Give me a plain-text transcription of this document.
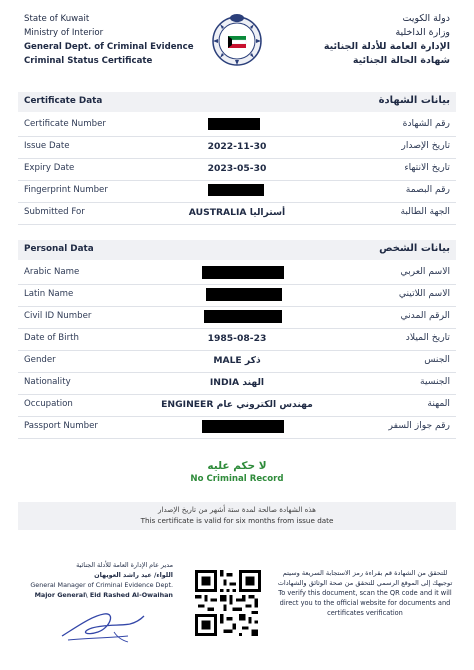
State of Kuwait
Ministry of Interior
General Dept. of Criminal Evidence
Criminal Status Certificate
دولة الكويت
وزارة الداخلية
الإدارة العامة للأدلة الجنائية
شهادة الحالة الجنائية
Certificate Data	بيانات الشهادة
Certificate Number	رقم الشهادة
Issue Date	2022-11-30	تاريخ الإصدار
Expiry Date	2023-05-30	تاريخ الانتهاء
Fingerprint Number	رقم البصمة
Submitted For	AUSTRALIA أستراليا	الجهة الطالبة
Personal Data	بيانات الشخص
Arabic Name	الاسم العربي
Latin Name	الاسم اللاتيني
Civil ID Number	الرقم المدني
Date of Birth	1985-08-23	تاريخ الميلاد
Gender	MALE ذكر	الجنس
Nationality	INDIA الهند	الجنسية
Occupation	ENGINEER مهندس الكتروني عام	المهنة
Passport Number	رقم جواز السفر
لا حكم عليه
No Criminal Record
هذه الشهادة صالحة لمدة ستة أشهر من تاريخ الإصدار
This certificate is valid for six months from issue date
مدير عام الإدارة العامة للأدلة الجنائية
اللواء/ عيد راشد العويهان
General Manager of Criminal Evidence Dept.
Major General\ Eid Rashed Al-Owaihan
للتحقق من الشهادة قم بقراءة رمز الاستجابة السريعة وسيتم توجيهك إلى الموقع الرسمي للتحقق من صحة الوثائق والشهادات
To verify this document, scan the QR code and it will direct you to the official website for documents and certificates verification
